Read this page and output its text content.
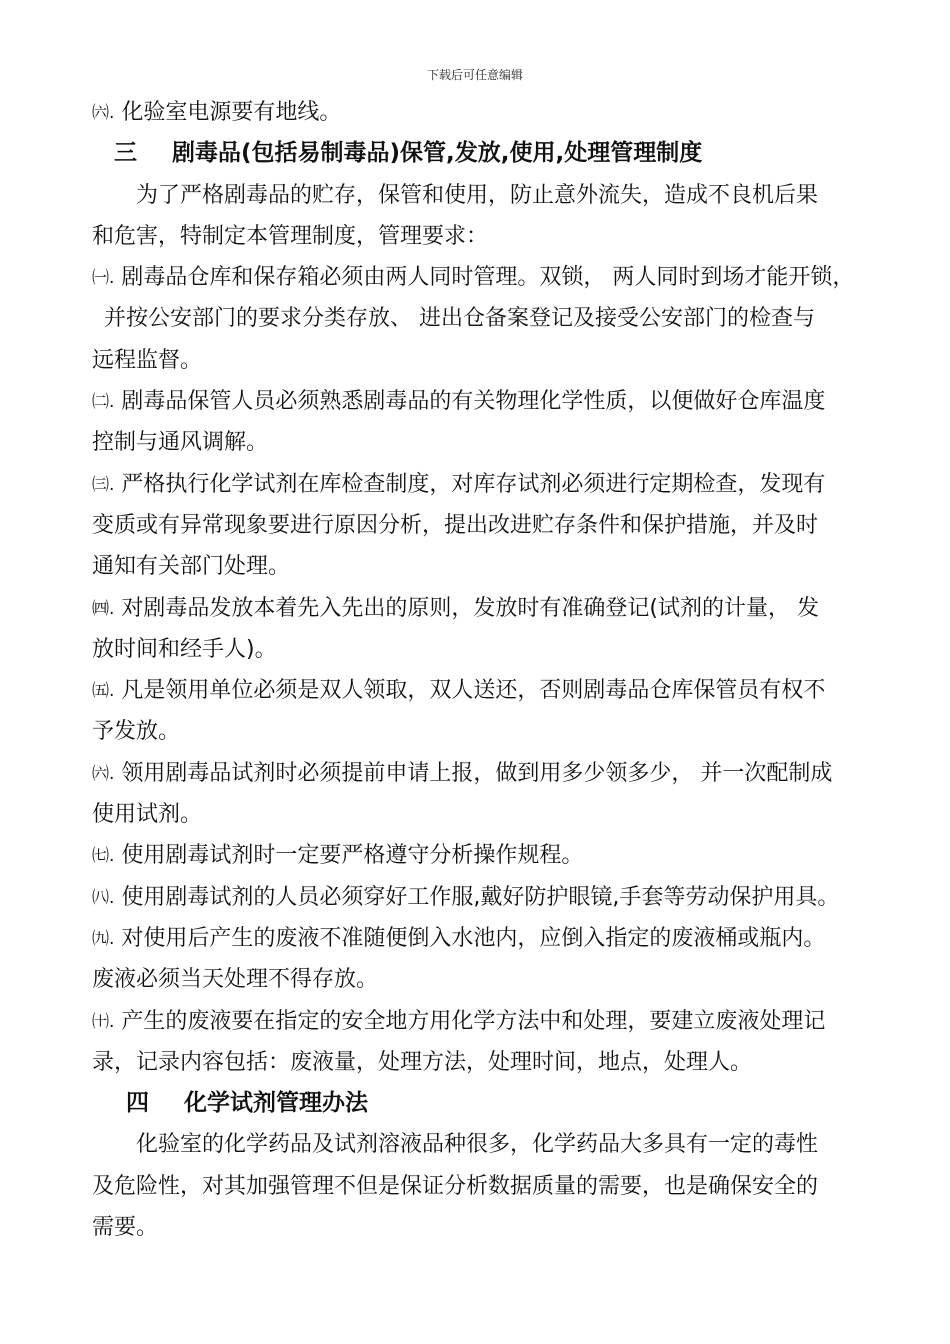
下载后可任意编辑
㈥. 化验室电源要有地线。
三 剧毒品(包括易制毒品)保管,发放,使用,处理管理制度
为了严格剧毒品的贮存，保管和使用，防止意外流失，造成不良机后果
和危害，特制定本管理制度，管理要求：
㈠. 剧毒品仓库和保存箱必须由两人同时管理。双锁， 两人同时到场才能开锁，
并按公安部门的要求分类存放、 进出仓备案登记及接受公安部门的检查与
远程监督。
㈡. 剧毒品保管人员必须熟悉剧毒品的有关物理化学性质，以便做好仓库温度
控制与通风调解。
㈢. 严格执行化学试剂在库检查制度，对库存试剂必须进行定期检查，发现有
变质或有异常现象要进行原因分析，提出改进贮存条件和保护措施，并及时
通知有关部门处理。
㈣. 对剧毒品发放本着先入先出的原则，发放时有准确登记(试剂的计量， 发
放时间和经手人)。
㈤. 凡是领用单位必须是双人领取，双人送还，否则剧毒品仓库保管员有权不
予发放。
㈥. 领用剧毒品试剂时必须提前申请上报，做到用多少领多少， 并一次配制成
使用试剂。
㈦. 使用剧毒试剂时一定要严格遵守分析操作规程。
㈧. 使用剧毒试剂的人员必须穿好工作服,戴好防护眼镜,手套等劳动保护用具。
㈨. 对使用后产生的废液不准随便倒入水池内，应倒入指定的废液桶或瓶内。
废液必须当天处理不得存放。
㈩. 产生的废液要在指定的安全地方用化学方法中和处理，要建立废液处理记
录，记录内容包括：废液量，处理方法，处理时间，地点，处理人。
四 化学试剂管理办法
化验室的化学药品及试剂溶液品种很多，化学药品大多具有一定的毒性
及危险性，对其加强管理不但是保证分析数据质量的需要，也是确保安全的
需要。
